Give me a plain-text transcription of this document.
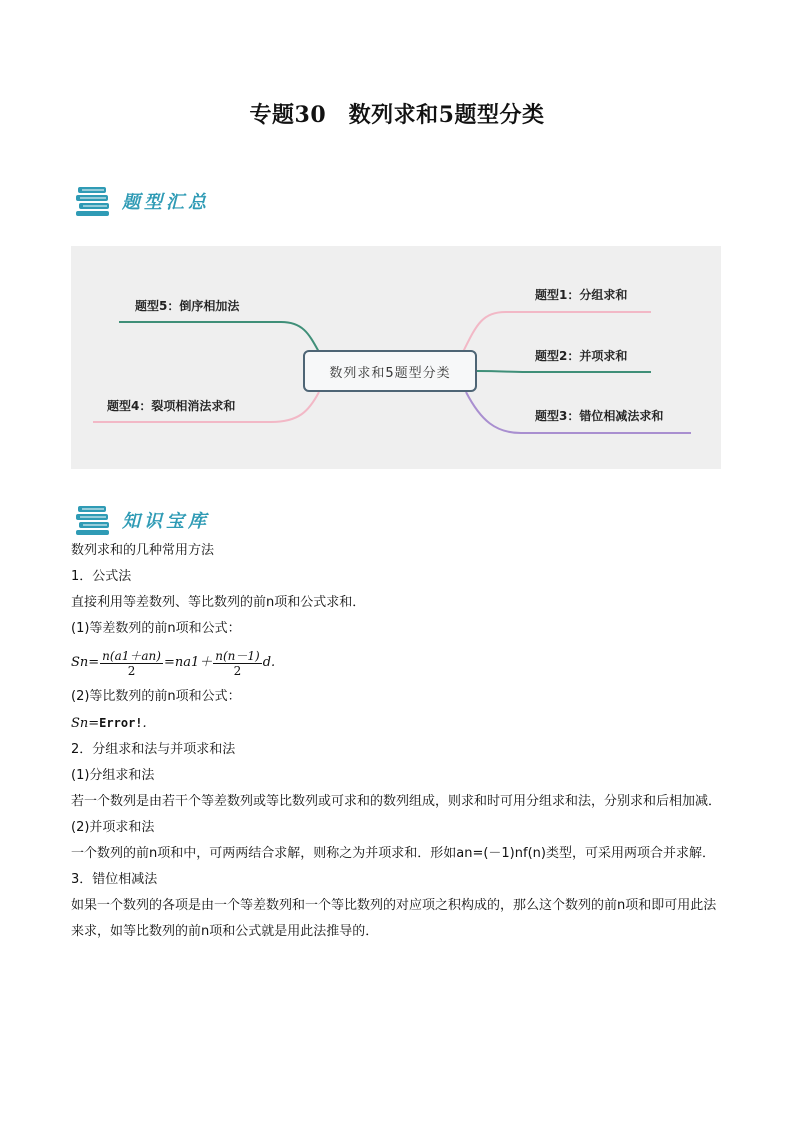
专题30　数列求和5题型分类
题型汇总
数列求和5题型分类
题型1：分组求和
题型2：并项求和
题型3：错位相减法求和
题型4：裂项相消法求和
题型5：倒序相加法
知识宝库

数列求和的几种常用方法

1．公式法

直接利用等差数列、等比数列的前n项和公式求和．

(1)等差数列的前n项和公式：

$Sn= \frac{n(a1+an)}{2} =na1+ \frac{n(n-1)}{2} d$.

(2)等比数列的前n项和公式：

Sn=Error!.

2．分组求和法与并项求和法

(1)分组求和法

若一个数列是由若干个等差数列或等比数列或可求和的数列组成，则求和时可用分组求和法，分别求和后相加减．

(2)并项求和法

一个数列的前n项和中，可两两结合求解，则称之为并项求和．形如an=(－1)nf(n)类型，可采用两项合并求解．

3．错位相减法

如果一个数列的各项是由一个等差数列和一个等比数列的对应项之积构成的，那么这个数列的前n项和即可用此法来求，如等比数列的前n项和公式就是用此法推导的．
